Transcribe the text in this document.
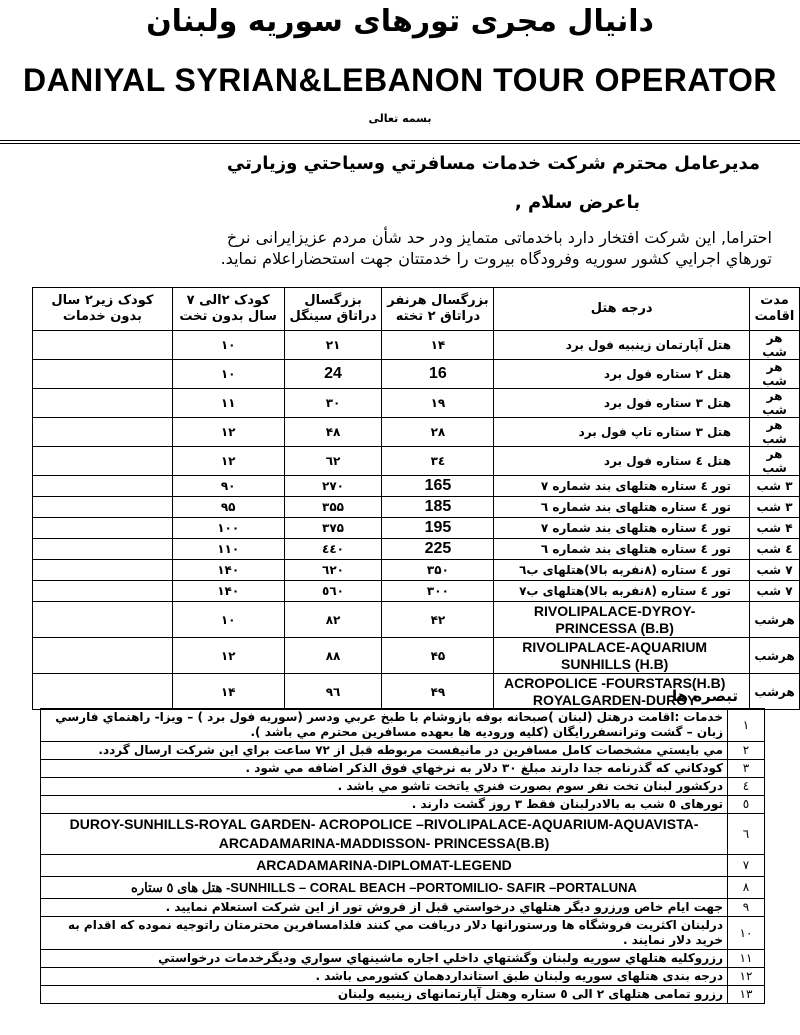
دانیال مجری تورهای سوریه ولبنان
DANIYAL SYRIAN&LEBANON TOUR OPERATOR
بسمه تعالی
مدیرعامل محترم شرکت خدمات مسافرتي وسیاحتي وزيارتي
باعرض سلام ,
احتراما, این شرکت افتخار دارد باخدماتی متمایز ودر حد شأن مردم عزیزایرانی نرخ
تورهاي اجرايي کشور سوريه وفرودگاه بيروت را خدمتتان جهت استحضاراعلام نمايد.
مدت اقامت	درجه هتل	بزرگسال هرنفر دراتاق ۲ تخته	بزرگسال دراتاق سينگل	کودک ۲الی ۷ سال بدون تخت	کودک زیر۲ سال بدون خدمات
هر شب	هتل آپارتمان زینبیه فول برد	۱۴	۲۱	۱۰	
هر شب	هتل ۲ ستاره فول برد	16	24	۱۰	
هر شب	هتل ۳ ستاره فول برد	۱۹	۳۰	۱۱	
هر شب	هتل ۳ ستاره تاپ فول برد	۲۸	۴۸	۱۲	
هر شب	هتل ٤ ستاره فول برد	۳٤	٦۲	۱۲	
۳ شب	تور ٤ ستاره هتلهای بند شماره ۷	165	۲۷۰	۹۰	
۳ شب	تور ٤ ستاره هتلهای بند شماره ٦	185	۳۵۵	۹۵	
۴ شب	تور ٤ ستاره هتلهای بند شماره ۷	195	۳۷۵	۱۰۰	
٤ شب	تور ٤ ستاره هتلهای بند شماره ٦	225	٤٤۰	۱۱۰	
۷ شب	تور ٤ ستاره (۸نفربه بالا)هتلهای ب٦	۳۵۰	٦۲۰	۱۴۰	
۷ شب	تور ٤ ستاره (۸نفربه بالا)هتلهای ب۷	۳۰۰	٥٦۰	۱۴۰	
هرشب	RIVOLIPALACE-DYROY-PRINCESSA (B.B)	۴۲	۸۲	۱۰	
هرشب	RIVOLIPALACE-AQUARIUM SUNHILLS (H.B)	۴۵	۸۸	۱۲	
هرشب	ACROPOLICE -FOURSTARS(H.B) ROYALGARDEN-DUROY	۴۹	۹٦	۱۴		تبصره ها
۱	خدمات :اقامت درهتل (لبنان )صبحانه بوفه بازوشام با طبخ عربي ودسر (سوریه فول برد ) – ویزا- راهنماي فارسي زبان – گشت وترانسفررايگان (کليه ورودیه ها بعهده مسافرين محترم مي باشد ).
۲	مي بايستي مشخصات کامل مسافرين در مانيفست مربوطه قبل از ۷۲ ساعت براي اين شرکت ارسال گردد.
۳	کودکاني که گذرنامه جدا دارند مبلغ ۳۰ دلار به نرخهاي فوق الذکر اضافه مي شود .
٤	درکشور لبنان تخت نفر سوم بصورت فنري یاتخت تاشو مي باشد .
٥	تورهای ٥ شب به بالادرلبنان فقط ۳ روز گشت دارند .
٦	DUROY-SUNHILLS-ROYAL GARDEN- ACROPOLICE –RIVOLIPALACE-AQUARIUM-AQUAVISTA-ARCADAMARINA-MADDISSON- PRINCESSA(B.B)
۷	ARCADAMARINA-DIPLOMAT-LEGEND
۸	SUNHILLS – CORAL BEACH –PORTOMILIO- SAFIR –PORTALUNA- هتل های ٥ ستاره
۹	جهت ایام خاص ورزرو ديگر هتلهاي درخواستي قبل از فروش تور از این شرکت استعلام نمایید .
۱۰	درلبنان اکثریت فروشگاه ها ورستورانها دلار دریافت مي کنند فلذامسافرین محترمتان راتوجیه نموده که اقدام به خرید دلار نمایند .
۱۱	رزروکلیه هتلهاي سوريه ولبنان وگشتهاي داخلي اجاره ماشينهاي سواري وديگرخدمات درخواستي
۱۲	درجه بندی هتلهای سوریه ولبنان طبق استانداردهمان کشورمی باشد .
۱۳	رزرو تمامی هتلهای ۲ الی ٥ ستاره وهتل آپارتمانهای زینبیه ولبنان
